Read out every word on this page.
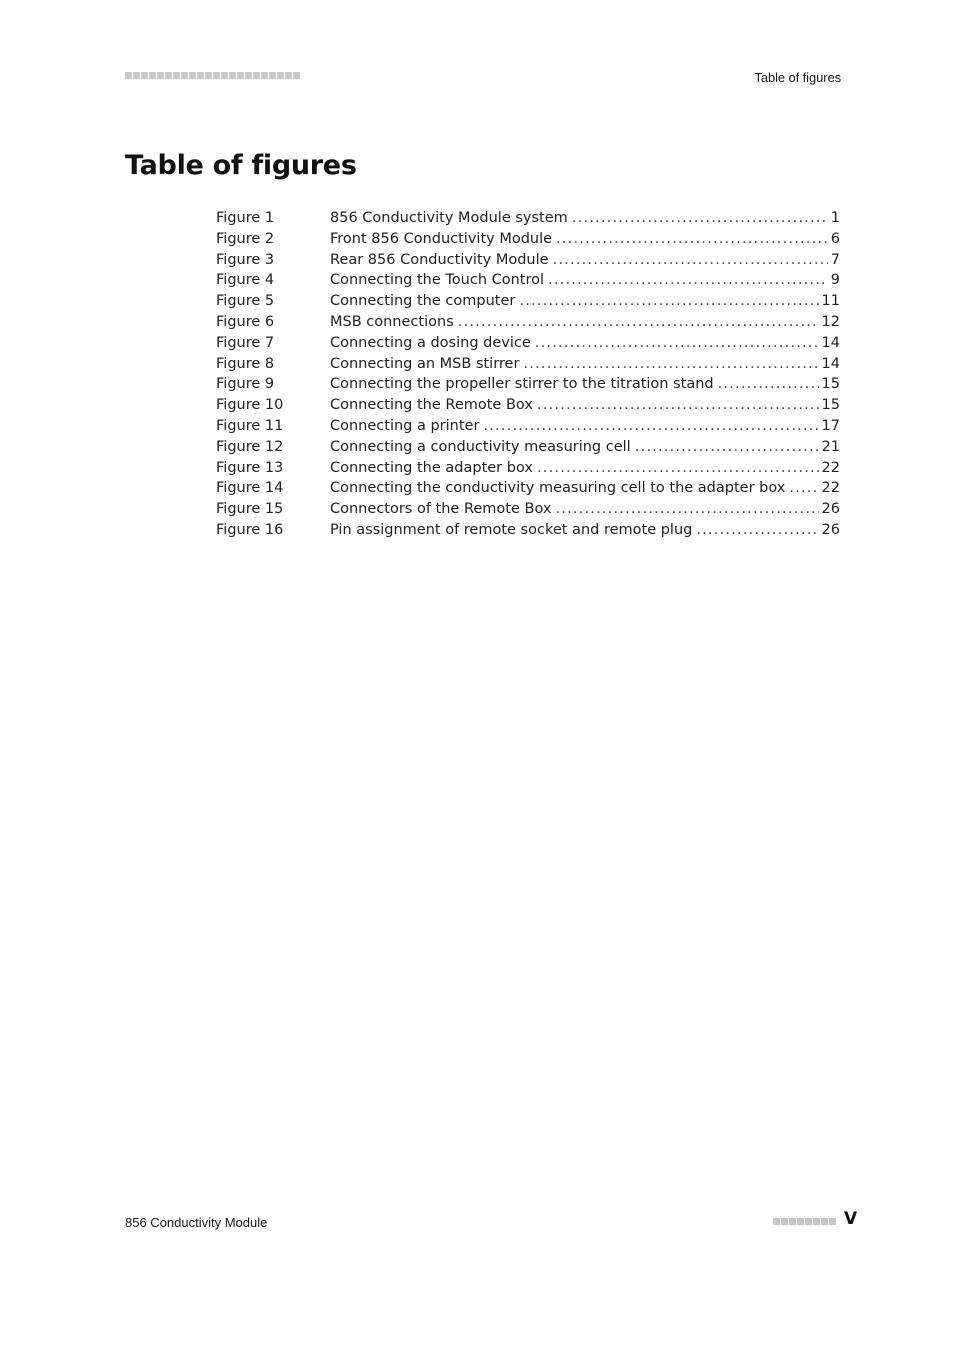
Table of figures
Table of figures
Figure 1	856 Conductivity Module system .....	1
Figure 2	Front 856 Conductivity Module .....	6
Figure 3	Rear 856 Conductivity Module .....	7
Figure 4	Connecting the Touch Control .....	9
Figure 5	Connecting the computer .....	11
Figure 6	MSB connections .....	12
Figure 7	Connecting a dosing device .....	14
Figure 8	Connecting an MSB stirrer .....	14
Figure 9	Connecting the propeller stirrer to the titration stand .....	15
Figure 10	Connecting the Remote Box .....	15
Figure 11	Connecting a printer .....	17
Figure 12	Connecting a conductivity measuring cell .....	21
Figure 13	Connecting the adapter box .....	22
Figure 14	Connecting the conductivity measuring cell to the adapter box ..... 22
Figure 15	Connectors of the Remote Box .....	26
Figure 16	Pin assignment of remote socket and remote plug .....	26
856 Conductivity Module	V
